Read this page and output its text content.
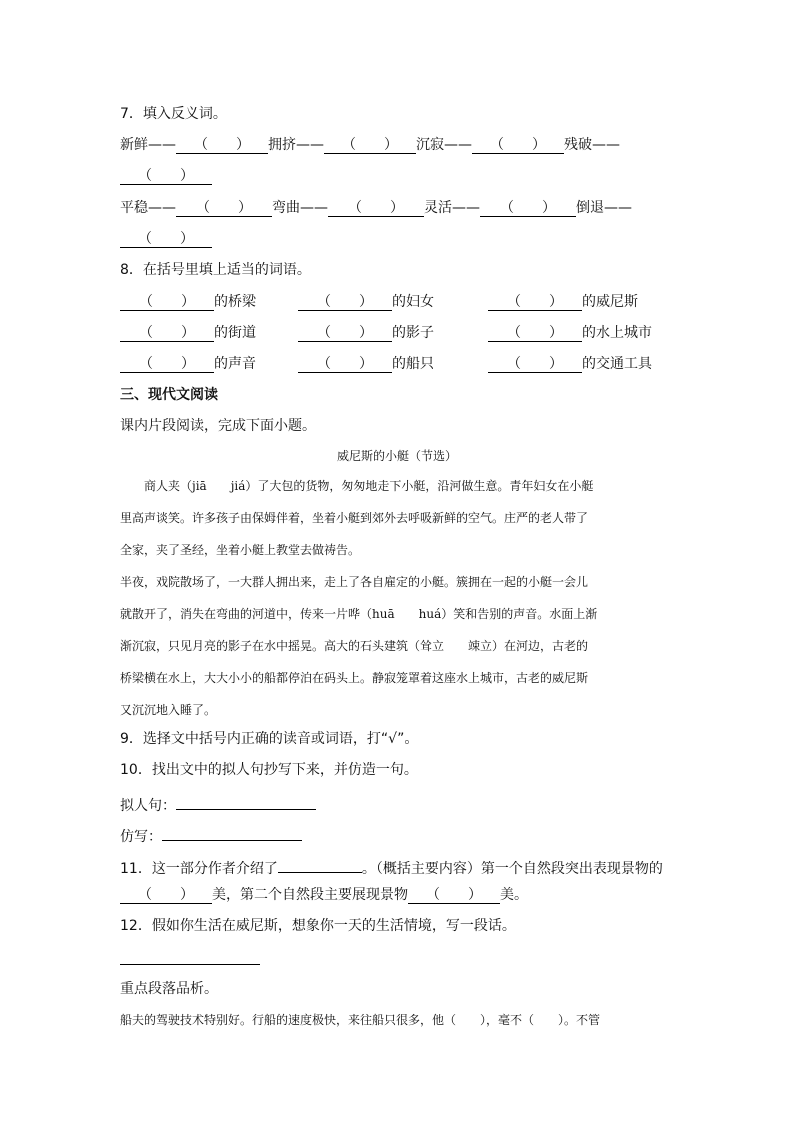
7．填入反义词。
新鲜—— （　　） 拥挤—— （　　） 沉寂—— （　　） 残破——
（　　）
平稳—— （　　） 弯曲—— （　　） 灵活—— （　　） 倒退——
（　　）
8．在括号里填上适当的词语。
（　　） 的桥梁	（　　） 的妇女	（　　） 的威尼斯
（　　） 的街道	（　　） 的影子	（　　） 的水上城市
（　　） 的声音	（　　） 的船只	（　　） 的交通工具
三、现代文阅读
课内片段阅读，完成下面小题。
威尼斯的小艇（节选）
　　商人夹（jiā　　jiá）了大包的货物，匆匆地走下小艇，沿河做生意。青年妇女在小艇
里高声谈笑。许多孩子由保姆伴着，坐着小艇到郊外去呼吸新鲜的空气。庄严的老人带了
全家，夹了圣经，坐着小艇上教堂去做祷告。
半夜，戏院散场了，一大群人拥出来，走上了各自雇定的小艇。簇拥在一起的小艇一会儿
就散开了，消失在弯曲的河道中，传来一片哗（huā　　huá）笑和告别的声音。水面上渐
渐沉寂，只见月亮的影子在水中摇晃。高大的石头建筑（耸立　　竦立）在河边，古老的
桥梁横在水上，大大小小的船都停泊在码头上。静寂笼罩着这座水上城市，古老的威尼斯
又沉沉地入睡了。
9．选择文中括号内正确的读音或词语，打“√”。
10．找出文中的拟人句抄写下来，并仿造一句。
拟人句：
仿写：
11．这一部分作者介绍了	。（概括主要内容）第一个自然段突出表现景物的
（　　） 美，第二个自然段主要展现景物 （　　） 美。
12．假如你生活在威尼斯，想象你一天的生活情境，写一段话。
重点段落品析。
船夫的驾驶技术特别好。行船的速度极快，来往船只很多，他（　　），毫不（　　）。不管
